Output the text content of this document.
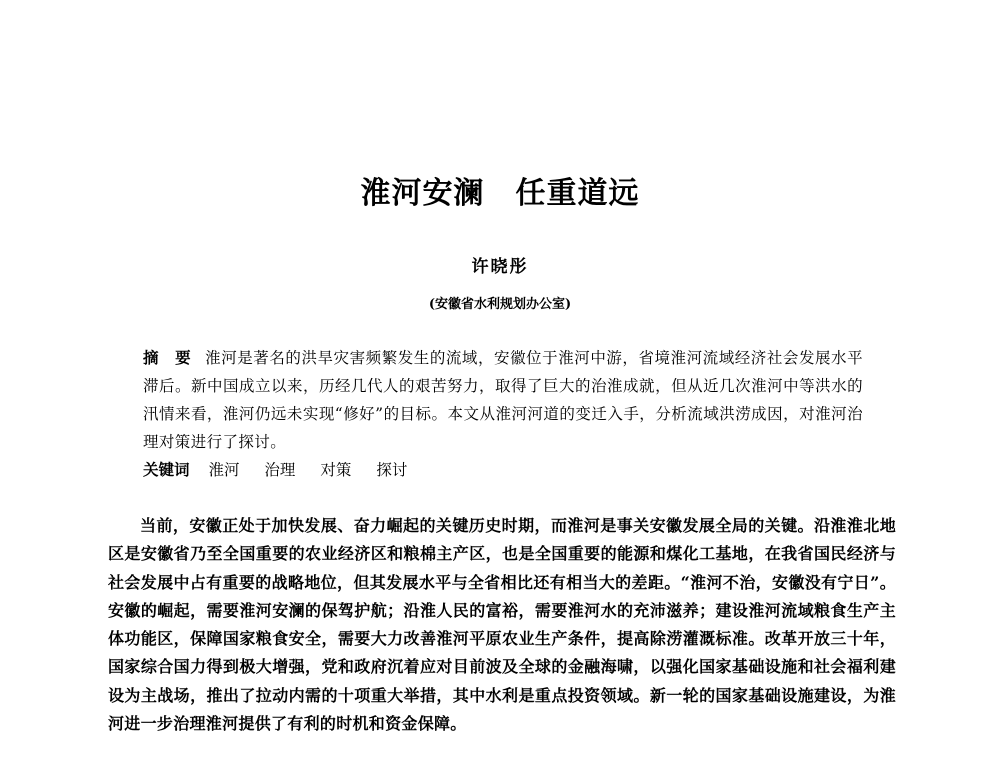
淮河安澜　任重道远
许晓彤
(安徽省水利规划办公室)
摘　要 淮河是著名的洪旱灾害频繁发生的流域，安徽位于淮河中游，省境淮河流域经济社会发展水平滞后。新中国成立以来，历经几代人的艰苦努力，取得了巨大的治淮成就，但从近几次淮河中等洪水的汛情来看，淮河仍远未实现“修好”的目标。本文从淮河河道的变迁入手，分析流域洪涝成因，对淮河治理对策进行了探讨。
关键词 淮河 治理 对策 探讨
当前，安徽正处于加快发展、奋力崛起的关键历史时期，而淮河是事关安徽发展全局的关键。沿淮淮北地区是安徽省乃至全国重要的农业经济区和粮棉主产区，也是全国重要的能源和煤化工基地，在我省国民经济与社会发展中占有重要的战略地位，但其发展水平与全省相比还有相当大的差距。“淮河不治，安徽没有宁日”。安徽的崛起，需要淮河安澜的保驾护航；沿淮人民的富裕，需要淮河水的充沛滋养；建设淮河流域粮食生产主体功能区，保障国家粮食安全，需要大力改善淮河平原农业生产条件，提高除涝灌溉标准。改革开放三十年，国家综合国力得到极大增强，党和政府沉着应对目前波及全球的金融海啸，以强化国家基础设施和社会福利建设为主战场，推出了拉动内需的十项重大举措，其中水利是重点投资领域。新一轮的国家基础设施建设，为淮河进一步治理淮河提供了有利的时机和资金保障。
